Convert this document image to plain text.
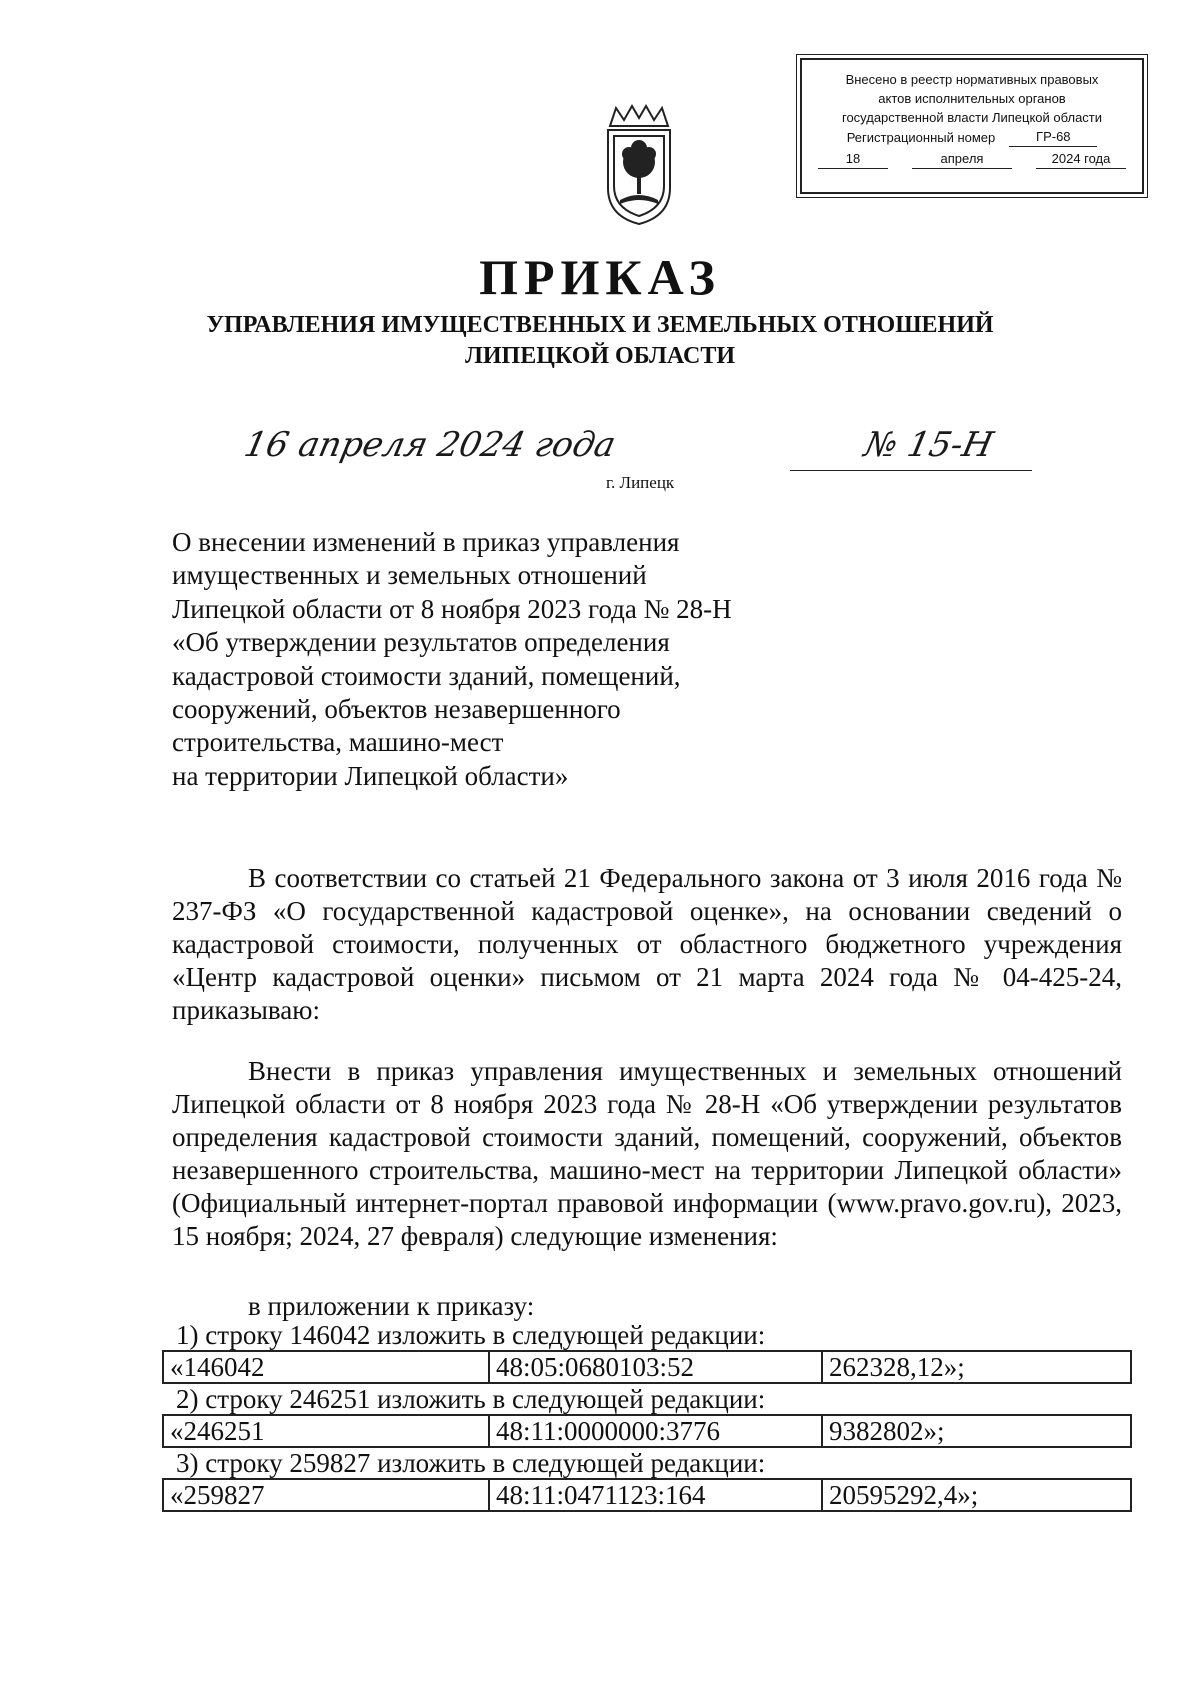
Внесено в реестр нормативных правовых
актов исполнительных органов
государственной власти Липецкой области
Регистрационный номер	ГР-68
18	апреля	2024 года
ПРИКАЗ
УПРАВЛЕНИЯ ИМУЩЕСТВЕННЫХ И ЗЕМЕЛЬНЫХ ОТНОШЕНИЙ
ЛИПЕЦКОЙ ОБЛАСТИ
16 апреля 2024 года	№ 15-Н
г. Липецк
О внесении изменений в приказ управления
имущественных и земельных отношений
Липецкой области от 8 ноября 2023 года № 28-Н
«Об утверждении результатов определения
кадастровой стоимости зданий, помещений,
сооружений, объектов незавершенного
строительства, машино-мест
на территории Липецкой области»
В соответствии со статьей 21 Федерального закона от 3 июля 2016 года № 237-ФЗ «О государственной кадастровой оценке», на основании сведений о кадастровой стоимости, полученных от областного бюджетного учреждения «Центр кадастровой оценки» письмом от 21 марта 2024 года № 04-425-24, приказываю:
Внести в приказ управления имущественных и земельных отношений Липецкой области от 8 ноября 2023 года № 28-Н «Об утверждении результатов определения кадастровой стоимости зданий, помещений, сооружений, объектов незавершенного строительства, машино-мест на территории Липецкой области» (Официальный интернет-портал правовой информации (www.pravo.gov.ru), 2023, 15 ноября; 2024, 27 февраля) следующие изменения:
в приложении к приказу:
1) строку 146042 изложить в следующей редакции:
«146042	48:05:0680103:52	262328,12»;
2) строку 246251 изложить в следующей редакции:
«246251	48:11:0000000:3776	9382802»;
3) строку 259827 изложить в следующей редакции:
«259827	48:11:0471123:164	20595292,4»;
